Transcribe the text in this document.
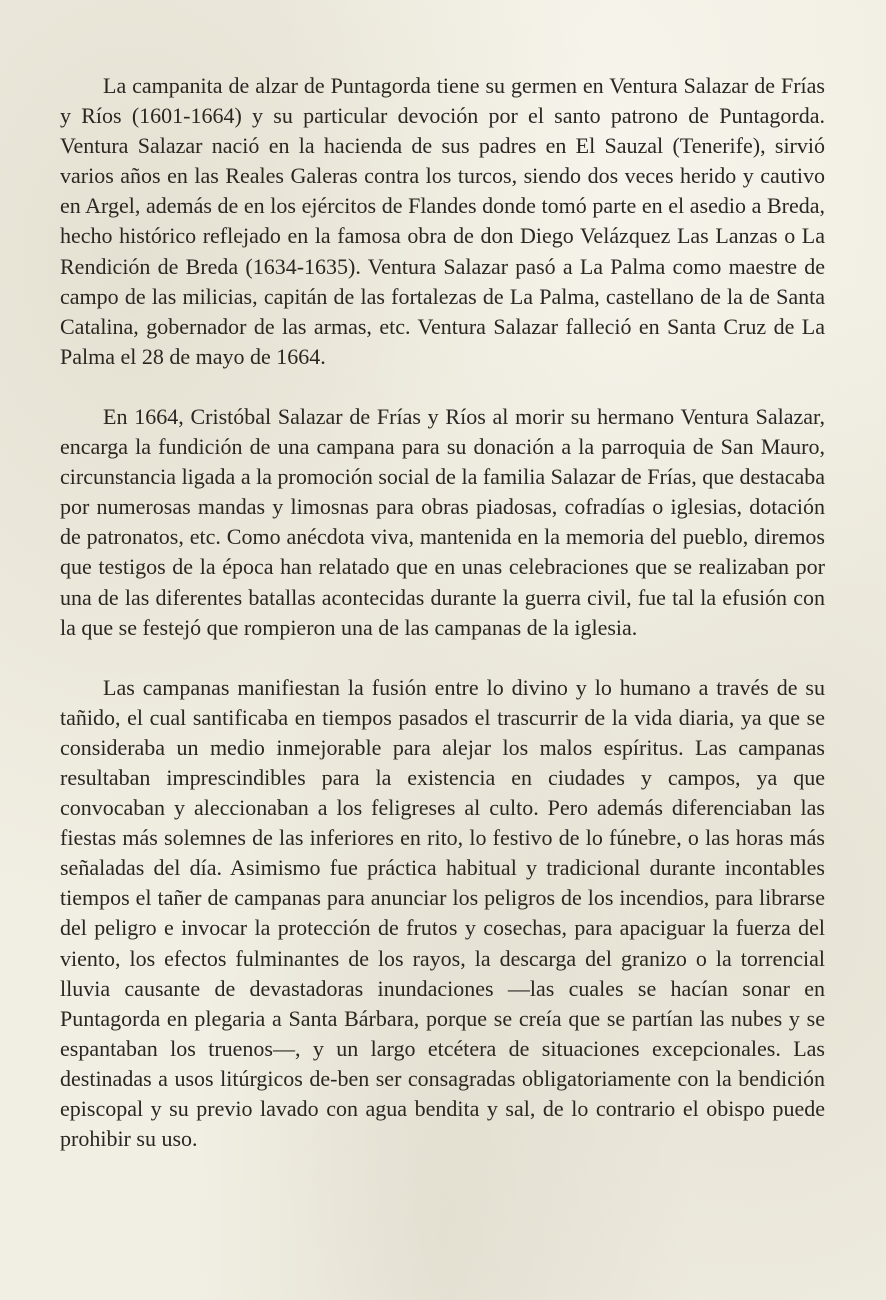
La campanita de alzar de Puntagorda tiene su germen en Ventura Salazar de Frías y Ríos (1601-1664) y su particular devoción por el santo patrono de Puntagorda. Ventura Salazar nació en la hacienda de sus padres en El Sauzal (Tenerife), sirvió varios años en las Reales Galeras contra los turcos, siendo dos veces herido y cautivo en Argel, además de en los ejércitos de Flandes donde tomó parte en el asedio a Breda, hecho histórico reflejado en la famosa obra de don Diego Velázquez Las Lanzas o La Rendición de Breda (1634-1635). Ventura Salazar pasó a La Palma como maestre de campo de las milicias, capitán de las fortalezas de La Palma, castellano de la de Santa Catalina, gobernador de las armas, etc. Ventura Salazar falleció en Santa Cruz de La Palma el 28 de mayo de 1664.

En 1664, Cristóbal Salazar de Frías y Ríos al morir su hermano Ventura Salazar, encarga la fundición de una campana para su donación a la parroquia de San Mauro, circunstancia ligada a la promoción social de la familia Salazar de Frías, que destacaba por numerosas mandas y limosnas para obras piadosas, cofradías o iglesias, dotación de patronatos, etc. Como anécdota viva, mantenida en la memoria del pueblo, diremos que testigos de la época han relatado que en unas celebraciones que se realizaban por una de las diferentes batallas acontecidas durante la guerra civil, fue tal la efusión con la que se festejó que rompieron una de las campanas de la iglesia.

Las campanas manifiestan la fusión entre lo divino y lo humano a través de su tañido, el cual santificaba en tiempos pasados el trascurrir de la vida diaria, ya que se consideraba un medio inmejorable para alejar los malos espíritus. Las campanas resultaban imprescindibles para la existencia en ciudades y campos, ya que convocaban y aleccionaban a los feligreses al culto. Pero además diferenciaban las fiestas más solemnes de las inferiores en rito, lo festivo de lo fúnebre, o las horas más señaladas del día. Asimismo fue práctica habitual y tradicional durante incontables tiempos el tañer de campanas para anunciar los peligros de los incendios, para librarse del peligro e invocar la protección de frutos y cosechas, para apaciguar la fuerza del viento, los efectos fulminantes de los rayos, la descarga del granizo o la torrencial lluvia causante de devastadoras inundaciones —las cuales se hacían sonar en Puntagorda en plegaria a Santa Bárbara, porque se creía que se partían las nubes y se espantaban los truenos—, y un largo etcétera de situaciones excepcionales. Las destinadas a usos litúrgicos de-ben ser consagradas obligatoriamente con la bendición episcopal y su previo lavado con agua bendita y sal, de lo contrario el obispo puede prohibir su uso.
